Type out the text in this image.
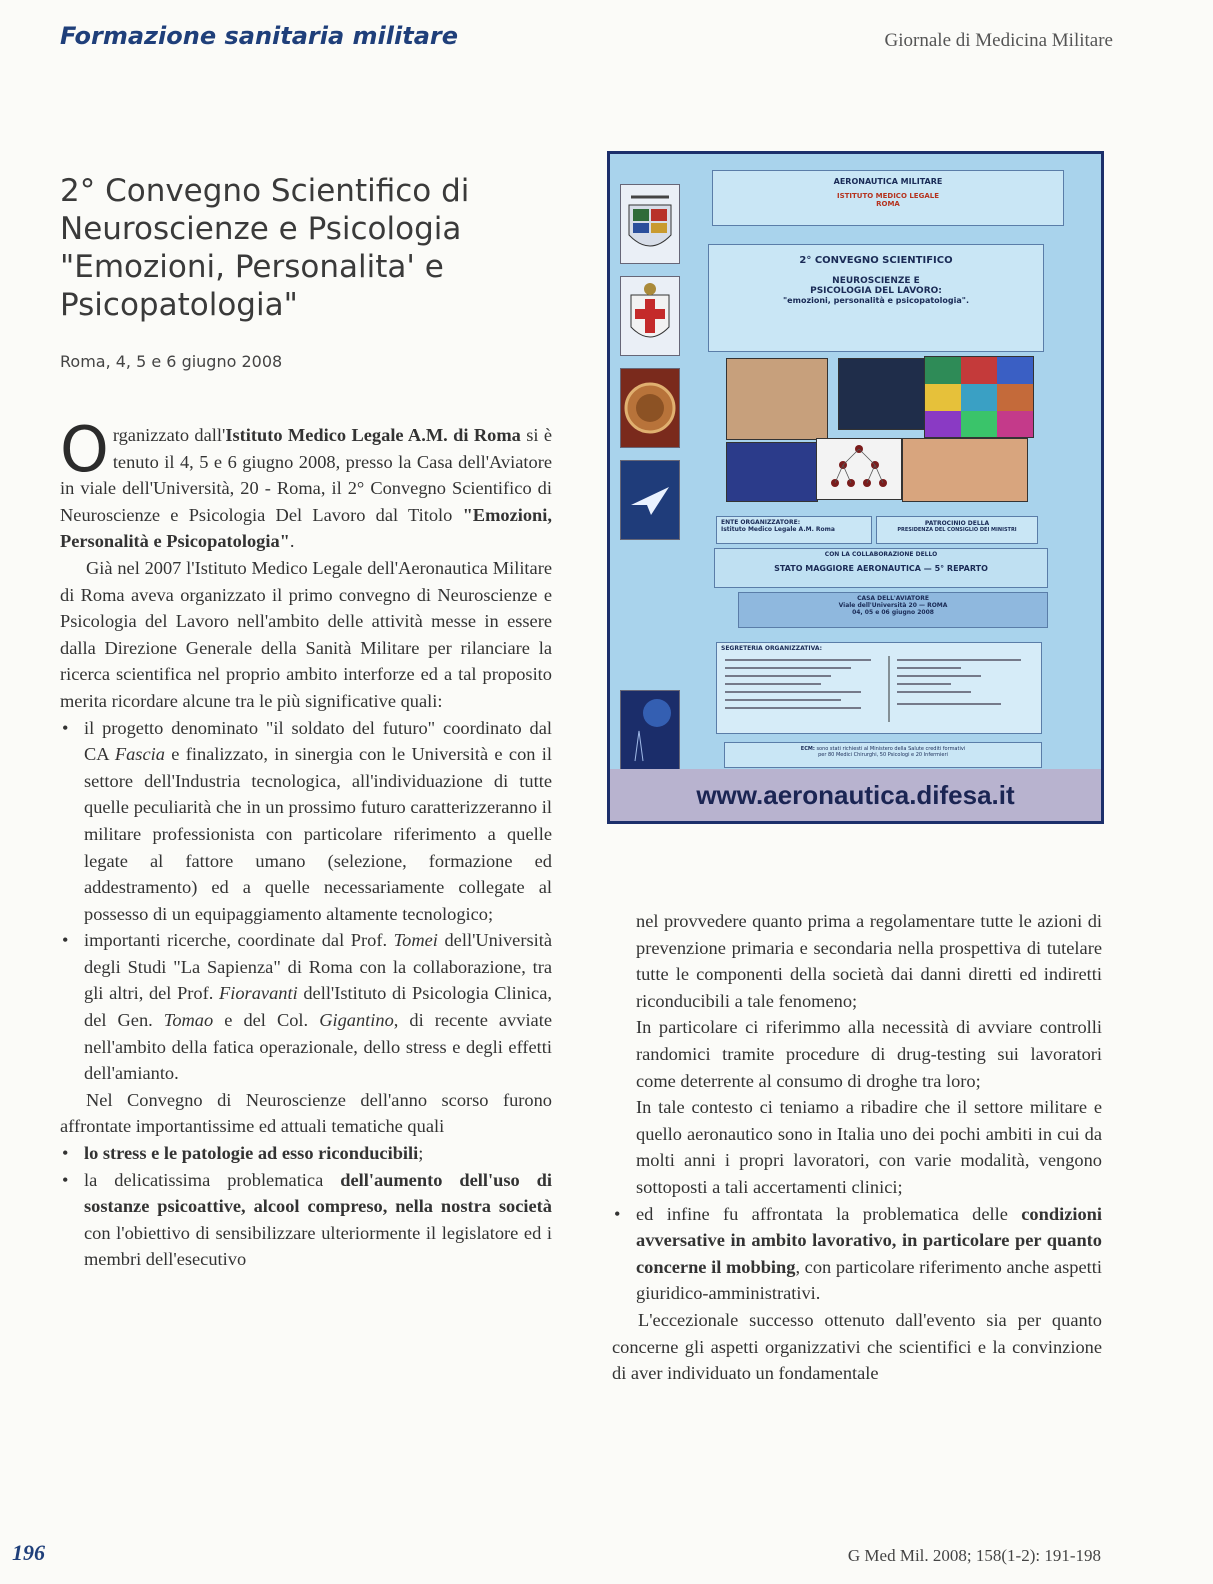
Formazione sanitaria militare	Giornale di Medicina Militare
2° Convegno Scientifico di
Neuroscienze e Psicologia
"Emozioni, Personalita' e
Psicopatologia"
Roma, 4, 5 e 6 giugno 2008

Organizzato dall'Istituto Medico Legale A.M. di Roma si è tenuto il 4, 5 e 6 giugno 2008, presso la Casa dell'Aviatore in viale dell'Università, 20 - Roma, il 2° Convegno Scientifico di Neuroscienze e Psicologia Del Lavoro dal Titolo "Emozioni, Personalità e Psicopatologia".

Già nel 2007 l'Istituto Medico Legale dell'Aeronautica Militare di Roma aveva organizzato il primo convegno di Neuroscienze e Psicologia del Lavoro nell'ambito delle attività messe in essere dalla Direzione Generale della Sanità Militare per rilanciare la ricerca scientifica nel proprio ambito interforze ed a tal proposito merita ricordare alcune tra le più significative quali:

• il progetto denominato "il soldato del futuro" coordinato dal CA Fascia e finalizzato, in sinergia con le Università e con il settore dell'Industria tecnologica, all'individuazione di tutte quelle peculiarità che in un prossimo futuro caratterizzeranno il militare professionista con particolare riferimento a quelle legate al fattore umano (selezione, formazione ed addestramento) ed a quelle necessariamente collegate al possesso di un equipaggiamento altamente tecnologico;
• importanti ricerche, coordinate dal Prof. Tomei dell'Università degli Studi "La Sapienza" di Roma con la collaborazione, tra gli altri, del Prof. Fioravanti dell'Istituto di Psicologia Clinica, del Gen. Tomao e del Col. Gigantino, di recente avviate nell'ambito della fatica operazionale, dello stress e degli effetti dell'amianto.

Nel Convegno di Neuroscienze dell'anno scorso furono affrontate importantissime ed attuali tematiche quali

• lo stress e le patologie ad esso riconducibili;
• la delicatissima problematica dell'aumento dell'uso di sostanze psicoattive, alcool compreso, nella nostra società con l'obiettivo di sensibilizzare ulteriormente il legislatore ed i membri dell'esecutivo
AERONAUTICA MILITARE
ISTITUTO MEDICO LEGALE
ROMA
2° CONVEGNO SCIENTIFICO
NEUROSCIENZE E
PSICOLOGIA DEL LAVORO:
"emozioni, personalità e psicopatologia".
ENTE ORGANIZZATORE:
Istituto Medico Legale A.M. Roma
PATROCINIO DELLA
PRESIDENZA DEL CONSIGLIO DEI MINISTRI
CON LA COLLABORAZIONE DELLO
STATO MAGGIORE AERONAUTICA — 5° REPARTO
CASA DELL'AVIATORE
Viale dell'Università 20 — ROMA
04, 05 e 06 giugno 2008
SEGRETERIA ORGANIZZATIVA:
ECM: sono stati richiesti al Ministero della Salute crediti formativi
per 80 Medici Chirurghi, 50 Psicologi e 20 Infermieri
www.aeronautica.difesa.it

nel provvedere quanto prima a regolamentare tutte le azioni di prevenzione primaria e secondaria nella prospettiva di tutelare tutte le componenti della società dai danni diretti ed indiretti riconducibili a tale fenomeno;

In particolare ci riferimmo alla necessità di avviare controlli randomici tramite procedure di drug-testing sui lavoratori come deterrente al consumo di droghe tra loro;

In tale contesto ci teniamo a ribadire che il settore militare e quello aeronautico sono in Italia uno dei pochi ambiti in cui da molti anni i propri lavoratori, con varie modalità, vengono sottoposti a tali accertamenti clinici;

• ed infine fu affrontata la problematica delle condizioni avversative in ambito lavorativo, in particolare per quanto concerne il mobbing, con particolare riferimento anche aspetti giuridico-amministrativi.

L'eccezionale successo ottenuto dall'evento sia per quanto concerne gli aspetti organizzativi che scientifici e la convinzione di aver individuato un fondamentale

196	G Med Mil. 2008; 158(1-2): 191-198
